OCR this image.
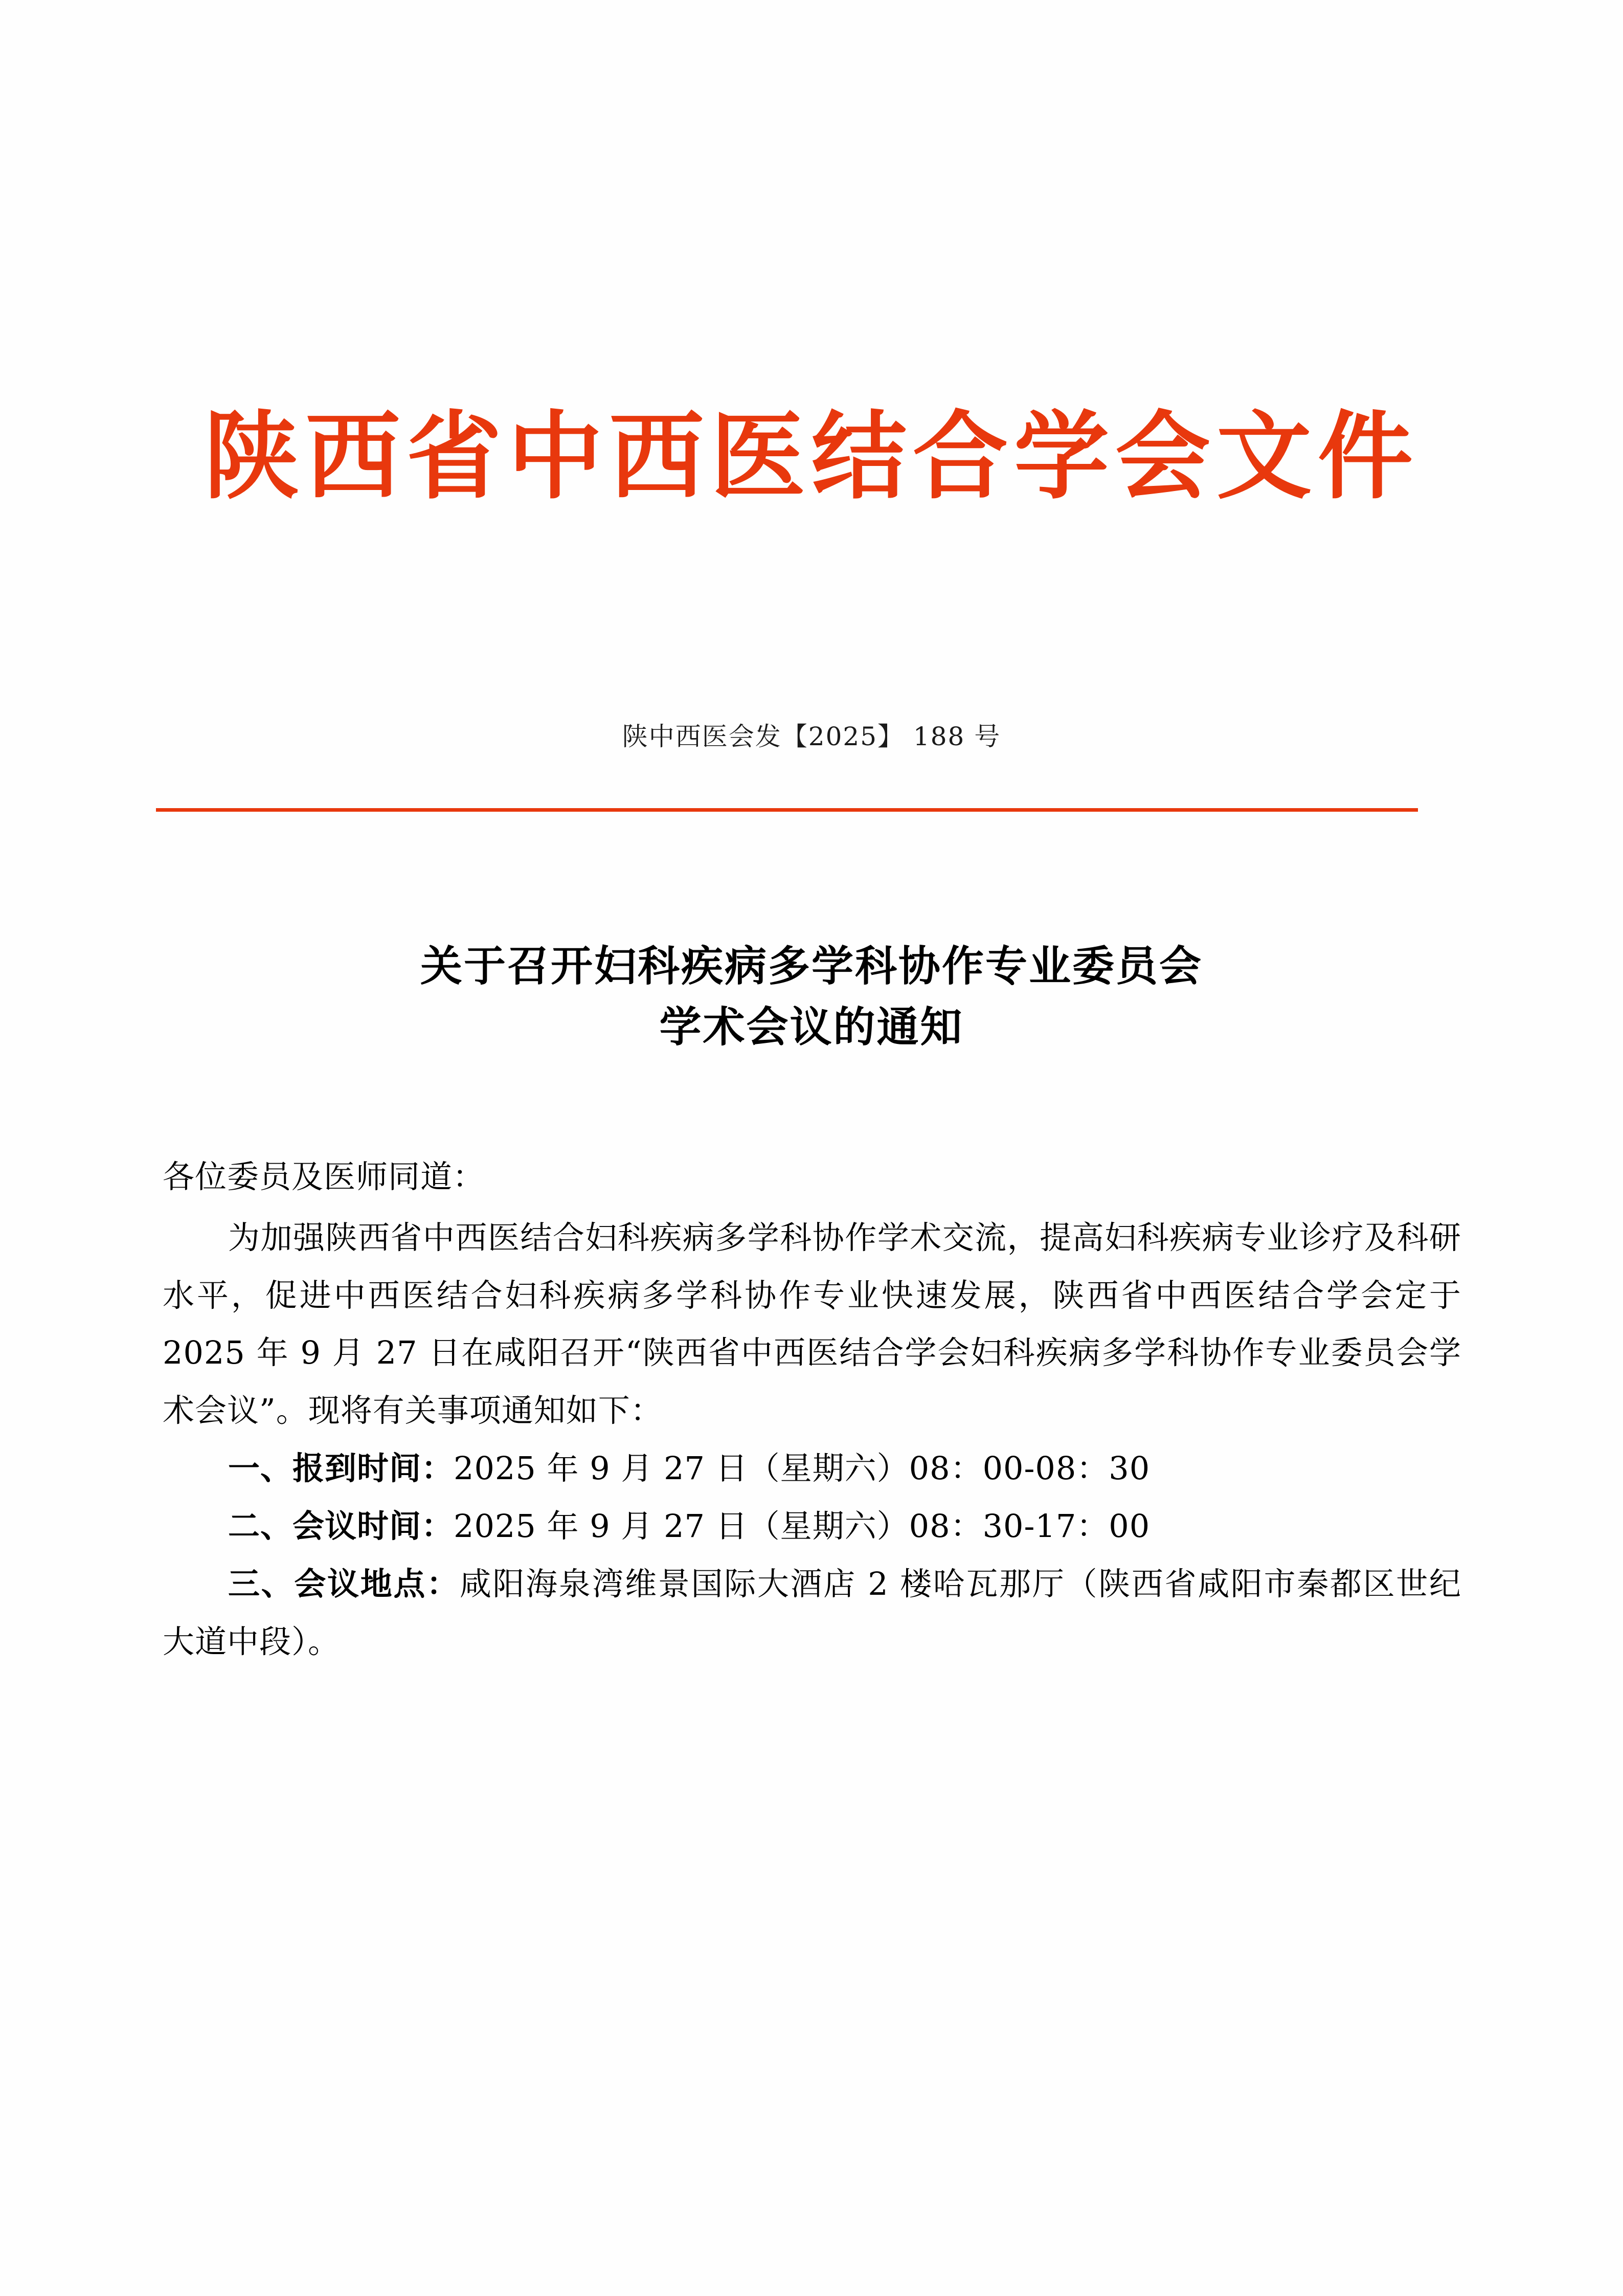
陕西省中西医结合学会文件
陕中西医会发【2025】 188 号
关于召开妇科疾病多学科协作专业委员会
学术会议的通知

各位委员及医师同道：

为加强陕西省中西医结合妇科疾病多学科协作学术交流，提高妇科疾病专业诊疗及科研水平，促进中西医结合妇科疾病多学科协作专业快速发展，陕西省中西医结合学会定于 2025 年 9 月 27 日在咸阳召开“陕西省中西医结合学会妇科疾病多学科协作专业委员会学术会议”。现将有关事项通知如下：

一、报到时间：2025 年 9 月 27 日（星期六）08：00-08：30

二、会议时间：2025 年 9 月 27 日（星期六）08：30-17：00

三、会议地点：咸阳海泉湾维景国际大酒店 2 楼哈瓦那厅（陕西省咸阳市秦都区世纪大道中段）。
